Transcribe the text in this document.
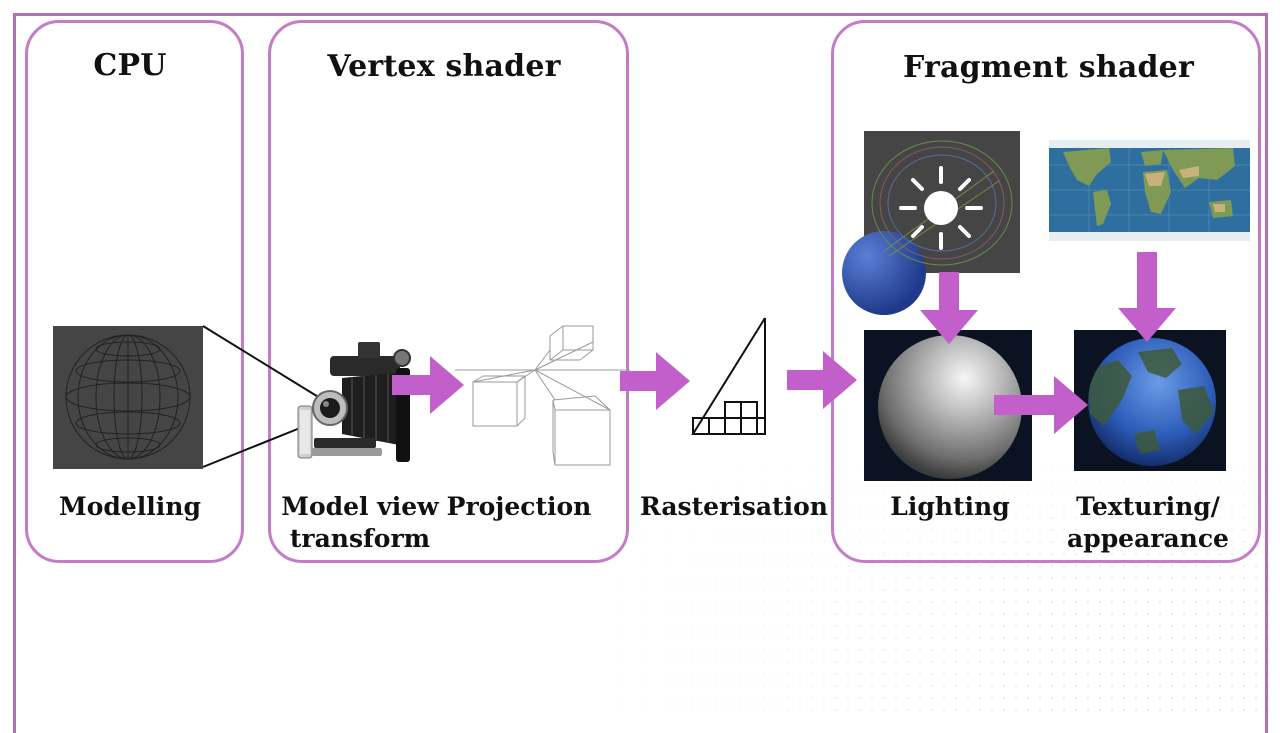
CPU	Vertex shader	Fragment shader
Modelling	Model view
transform
Projection Rasterisation	Lighting	Texturing/
appearance
